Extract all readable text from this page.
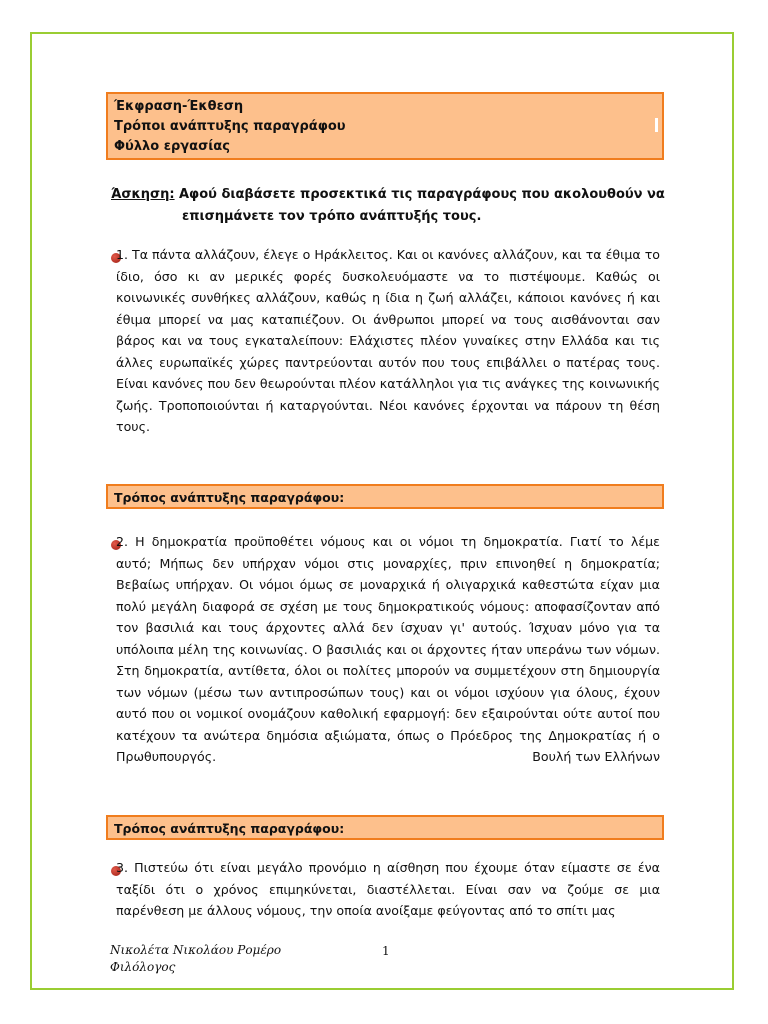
Έκφραση-Έκθεση
Τρόποι ανάπτυξης παραγράφου
Φύλλο εργασίας
Άσκηση: Αφού διαβάσετε προσεκτικά τις παραγράφους που ακολουθούν να
επισημάνετε τον τρόπο ανάπτυξής τους.

1. Τα πάντα αλλάζουν, έλεγε ο Ηράκλειτος. Και οι κανόνες αλλάζουν, και τα έθιμα το ίδιο, όσο κι αν μερικές φορές δυσκολευόμαστε να το πιστέψουμε. Καθώς οι κοινωνικές συνθήκες αλλάζουν, καθώς η ίδια η ζωή αλλάζει, κάποιοι κανόνες ή και έθιμα μπορεί να μας καταπιέζουν. Οι άνθρωποι μπορεί να τους αισθάνονται σαν βάρος και να τους εγκαταλείπουν: Ελάχιστες πλέον γυναίκες στην Ελλάδα και τις άλλες ευρωπαϊκές χώρες παντρεύονται αυτόν που τους επιβάλλει ο πατέρας τους. Είναι κανόνες που δεν θεωρούνται πλέον κατάλληλοι για τις ανάγκες της κοινωνικής ζωής. Τροποποιούνται ή καταργούνται. Νέοι κανόνες έρχονται να πάρουν τη θέση τους.

Τρόπος ανάπτυξης παραγράφου:

2. Η δημοκρατία προϋποθέτει νόμους και οι νόμοι τη δημοκρατία. Γιατί το λέμε αυτό; Μήπως δεν υπήρχαν νόμοι στις μοναρχίες, πριν επινοηθεί η δημοκρατία; Βεβαίως υπήρχαν. Οι νόμοι όμως σε μοναρχικά ή ολιγαρχικά καθεστώτα είχαν μια πολύ μεγάλη διαφορά σε σχέση με τους δημοκρατικούς νόμους: αποφασίζονταν από τον βασιλιά και τους άρχοντες αλλά δεν ίσχυαν γι' αυτούς. Ίσχυαν μόνο για τα υπόλοιπα μέλη της κοινωνίας. Ο βασιλιάς και οι άρχοντες ήταν υπεράνω των νόμων. Στη δημοκρατία, αντίθετα, όλοι οι πολίτες μπορούν να συμμετέχουν στη δημιουργία των νόμων (μέσω των αντιπροσώπων τους) και οι νόμοι ισχύουν για όλους, έχουν αυτό που οι νομικοί ονομάζουν καθολική εφαρμογή: δεν εξαιρούνται ούτε αυτοί που κατέχουν τα ανώτερα δημόσια αξιώματα, όπως ο Πρόεδρος της Δημοκρατίας ή ο Πρωθυπουργός.	Βουλή των Ελλήνων

Τρόπος ανάπτυξης παραγράφου:

3. Πιστεύω ότι είναι μεγάλο προνόμιο η αίσθηση που έχουμε όταν είμαστε σε ένα ταξίδι ότι ο χρόνος επιμηκύνεται, διαστέλλεται. Είναι σαν να ζούμε σε μια παρένθεση με άλλους νόμους, την οποία ανοίξαμε φεύγοντας από το σπίτι μας

Νικολέτα Νικολάου Ρομέρο
Φιλόλογος
1
